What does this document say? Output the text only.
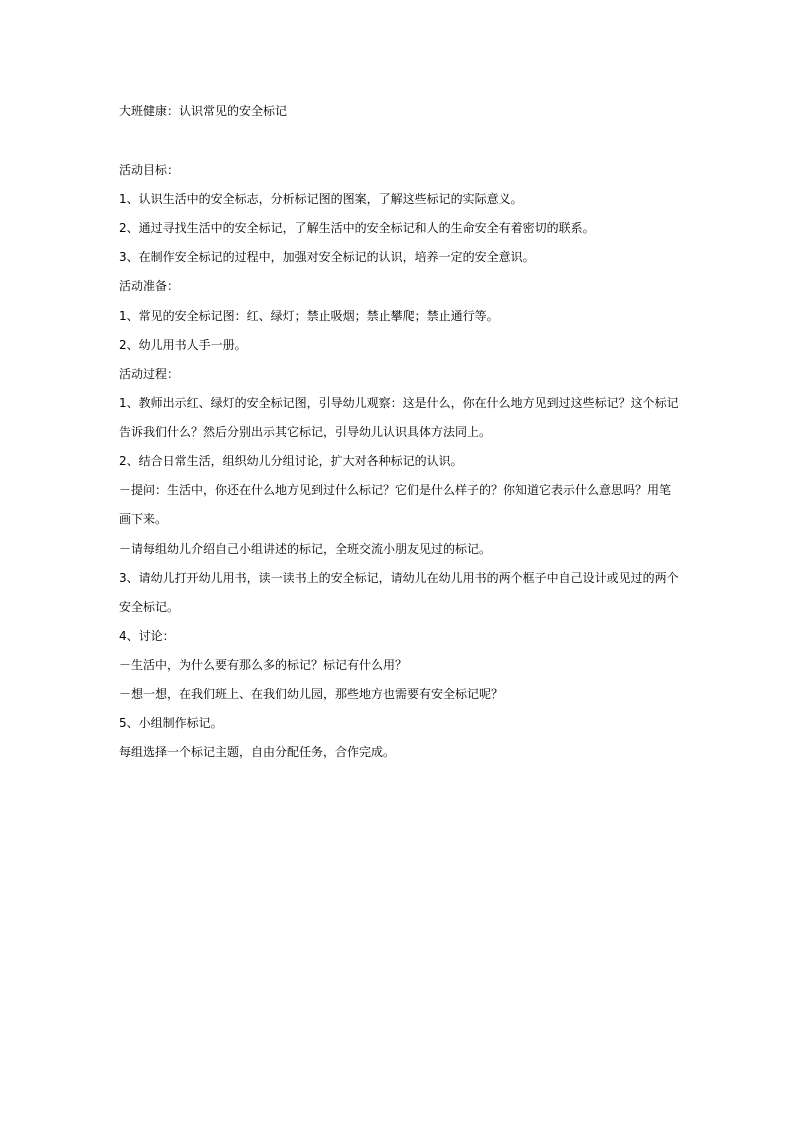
大班健康：认识常见的安全标记
活动目标：
1、认识生活中的安全标志，分析标记图的图案，了解这些标记的实际意义。
2、通过寻找生活中的安全标记，了解生活中的安全标记和人的生命安全有着密切的联系。
3、在制作安全标记的过程中，加强对安全标记的认识，培养一定的安全意识。
活动准备：
1、常见的安全标记图：红、绿灯；禁止吸烟；禁止攀爬；禁止通行等。
2、幼儿用书人手一册。
活动过程：
1、教师出示红、绿灯的安全标记图，引导幼儿观察：这是什么，你在什么地方见到过这些标记？这个标记
告诉我们什么？然后分别出示其它标记，引导幼儿认识具体方法同上。
2、结合日常生活，组织幼儿分组讨论，扩大对各种标记的认识。
－提问：生活中，你还在什么地方见到过什么标记？它们是什么样子的？你知道它表示什么意思吗？用笔
画下来。
－请每组幼儿介绍自己小组讲述的标记，全班交流小朋友见过的标记。
3、请幼儿打开幼儿用书，读一读书上的安全标记，请幼儿在幼儿用书的两个框子中自己设计或见过的两个
安全标记。
4、讨论：
－生活中，为什么要有那么多的标记？标记有什么用？
－想一想，在我们班上、在我们幼儿园，那些地方也需要有安全标记呢？
5、小组制作标记。
每组选择一个标记主题，自由分配任务，合作完成。
